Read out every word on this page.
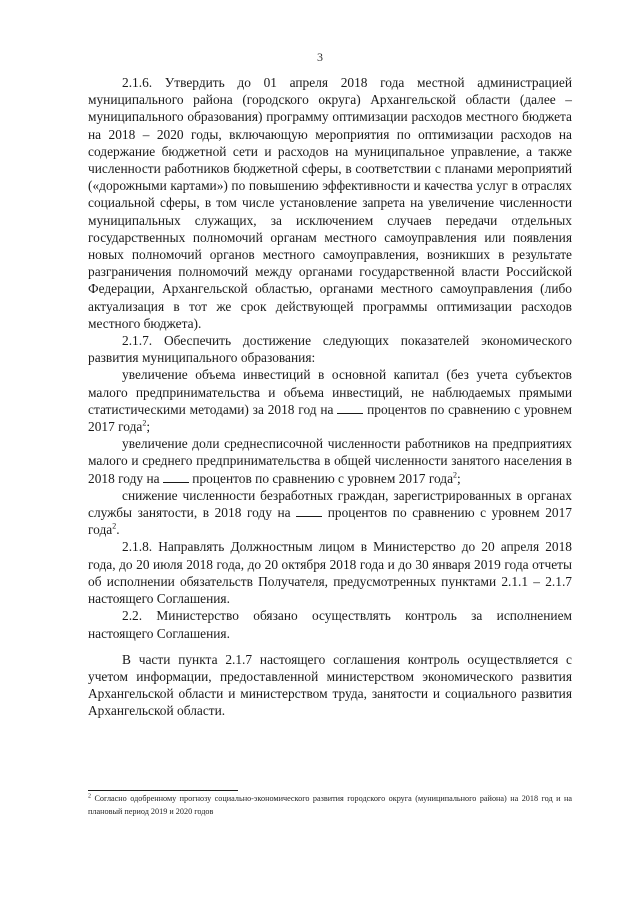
3

2.1.6. Утвердить до 01 апреля 2018 года местной администрацией муниципального района (городского округа) Архангельской области (далее – муниципального образования) программу оптимизации расходов местного бюджета на 2018 – 2020 годы, включающую мероприятия по оптимизации расходов на содержание бюджетной сети и расходов на муниципальное управление, а также численности работников бюджетной сферы, в соответствии с планами мероприятий («дорожными картами») по повышению эффективности и качества услуг в отраслях социальной сферы, в том числе установление запрета на увеличение численности муниципальных служащих, за исключением случаев передачи отдельных государственных полномочий органам местного самоуправления или появления новых полномочий органов местного самоуправления, возникших в результате разграничения полномочий между органами государственной власти Российской Федерации, Архангельской областью, органами местного самоуправления (либо актуализация в тот же срок действующей программы оптимизации расходов местного бюджета).

2.1.7. Обеспечить достижение следующих показателей экономического развития муниципального образования:

увеличение объема инвестиций в основной капитал (без учета субъектов малого предпринимательства и объема инвестиций, не наблюдаемых прямыми статистическими методами) за 2018 год на	процентов по сравнению с уровнем 2017 года$^2$;

увеличение доли среднесписочной численности работников на предприятиях малого и среднего предпринимательства в общей численности занятого населения в 2018 году на процентов по сравнению с уровнем 2017 года$^2$;

снижение численности безработных граждан, зарегистрированных в органах службы занятости, в 2018 году на	процентов по сравнению с уровнем 2017 года$^2$.

2.1.8. Направлять Должностным лицом в Министерство до 20 апреля 2018 года, до 20 июля 2018 года, до 20 октября 2018 года и до 30 января 2019 года отчеты об исполнении обязательств Получателя, предусмотренных пунктами 2.1.1 – 2.1.7 настоящего Соглашения.

2.2. Министерство обязано осуществлять контроль за исполнением настоящего Соглашения.

В части пункта 2.1.7 настоящего соглашения контроль осуществляется с учетом информации, предоставленной министерством экономического развития Архангельской области и министерством труда, занятости и социального развития Архангельской области.

$^2$ Согласно одобренному прогнозу социально-экономического развития городского округа (муниципального района) на 2018 год и на плановый период 2019 и 2020 годов
